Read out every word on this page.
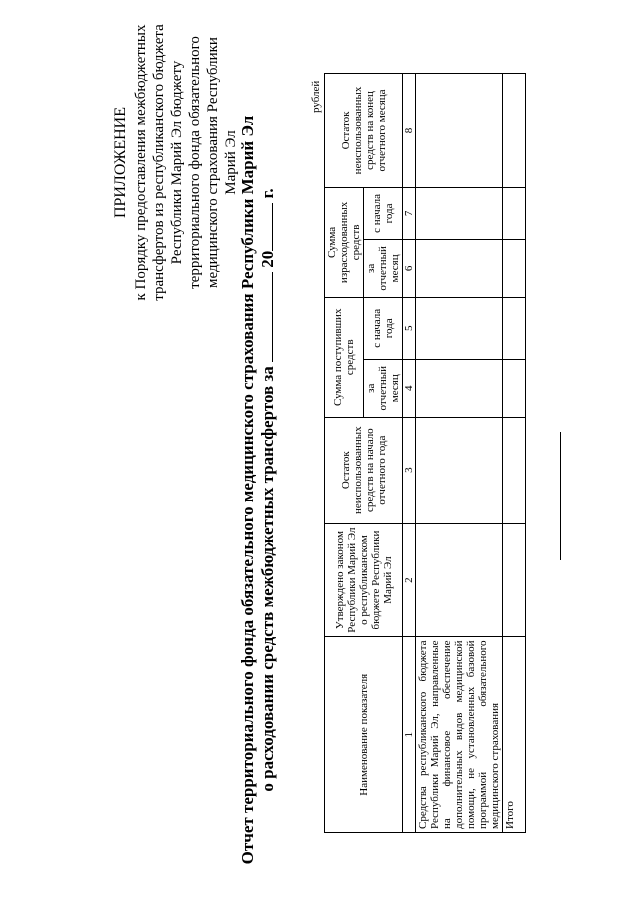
ПРИЛОЖЕНИЕ к Порядку предоставления межбюджетных трансфертов из республиканского бюджета Республики Марий Эл бюджету территориального фонда обязательного медицинского страхования Республики Марий Эл Отчет территориального фонда обязательного медицинского страхования Республики Марий Эл о расходовании средств межбюджетных трансфертов за  20 г.
рублей
Наименование показателя	Утверждено законом Республики Марий Эл о республиканском бюджете Республики Марий Эл	Остаток неиспользованных средств на начало отчетного года	Сумма поступивших средств		Сумма израсходованных средств		Остаток неиспользованных средств на конец отчетного месяца
			за отчетный месяц	с начала года	за отчетный месяц	с начала года	
1	2	3	4	5	6	7	8
Средства республиканского бюджета Республики Марий Эл, направленные на финансовое обеспечение дополнительных видов медицинской помощи, не установленных базовой программой обязательного медицинского страхования							
Итого							
